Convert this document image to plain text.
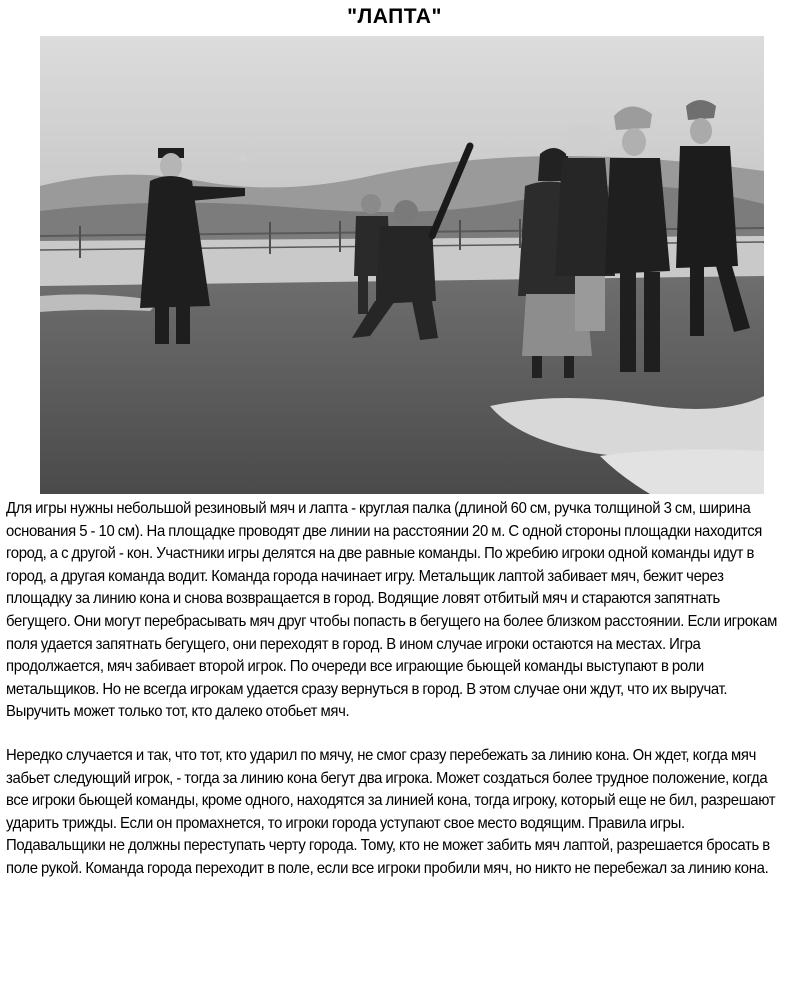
"ЛАПТА"

Для игры нужны небольшой резиновый мяч и лапта - круглая палка (длиной 60 см, ручка толщиной 3 см, ширина основания 5 - 10 см). На площадке проводят две линии на расстоянии 20 м. С одной стороны площадки находится город, а с другой - кон. Участники игры делятся на две равные команды. По жребию игроки одной команды идут в город, а другая команда водит. Команда города начинает игру. Метальщик лаптой забивает мяч, бежит через площадку за линию кона и снова возвращается в город. Водящие ловят отбитый мяч и стараются запятнать бегущего. Они могут перебрасывать мяч друг чтобы попасть в бегущего на более близком расстоянии. Если игрокам поля удается запятнать бегущего, они переходят в город. В ином случае игроки остаются на местах. Игра продолжается, мяч забивает второй игрок. По очереди все играющие бьющей команды выступают в роли метальщиков. Но не всегда игрокам удается сразу вернуться в город. В этом случае они ждут, что их выручат. Выручить может только тот, кто далеко отобьет мяч.

Нередко случается и так, что тот, кто ударил по мячу, не смог сразу перебежать за линию кона. Он ждет, когда мяч забьет следующий игрок, - тогда за линию кона бегут два игрока. Может создаться более трудное положение, когда все игроки бьющей команды, кроме одного, находятся за линией кона, тогда игроку, который еще не бил, разрешают ударить трижды. Если он промахнется, то игроки города уступают свое место водящим. Правила игры. Подавальщики не должны переступать черту города. Тому, кто не может забить мяч лаптой, разрешается бросать в поле рукой. Команда города переходит в поле, если все игроки пробили мяч, но никто не перебежал за линию кона.
